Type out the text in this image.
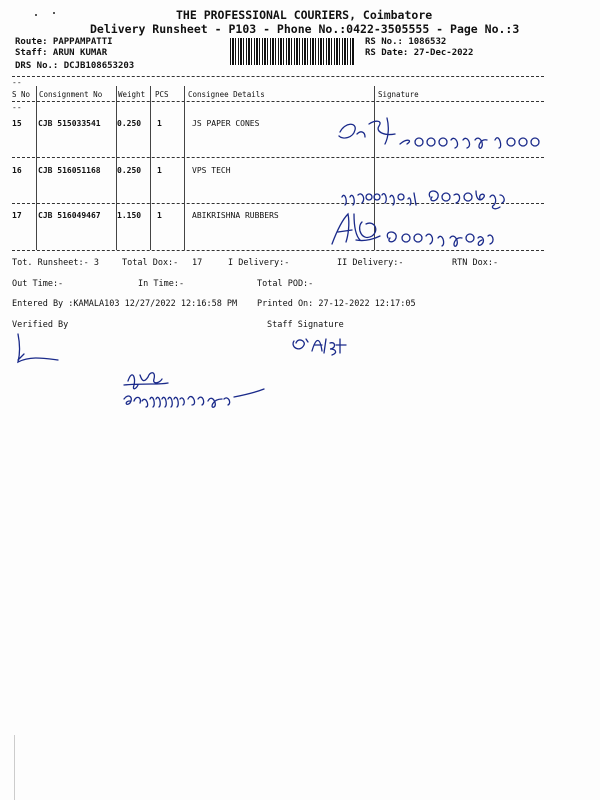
THE PROFESSIONAL COURIERS, Coimbatore
Delivery Runsheet - P103 - Phone No.:0422-3505555 - Page No.:3
Route: PAPPAMPATTI
Staff: ARUN KUMAR
DRS No.: DCJB108653203
RS No.: 1086532
RS Date: 27-Dec-2022
--
--
S No Consignment No Weight PCS	Consignee Details	Signature
15 CJB 515033541 0.250 1	JS PAPER CONES
16 CJB 516051168 0.250 1	VPS TECH
17 CJB 516049467 1.150 1	ABIKRISHNA RUBBERS
Tot. Runsheet:- 3	Total Dox:- 17	I Delivery:-	II Delivery:-	RTN Dox:-
Out Time:-	In Time:-	Total POD:-
Entered By :KAMALA103 12/27/2022 12:16:58 PM Printed On: 27-12-2022 12:17:05
Verified By	Staff Signature
